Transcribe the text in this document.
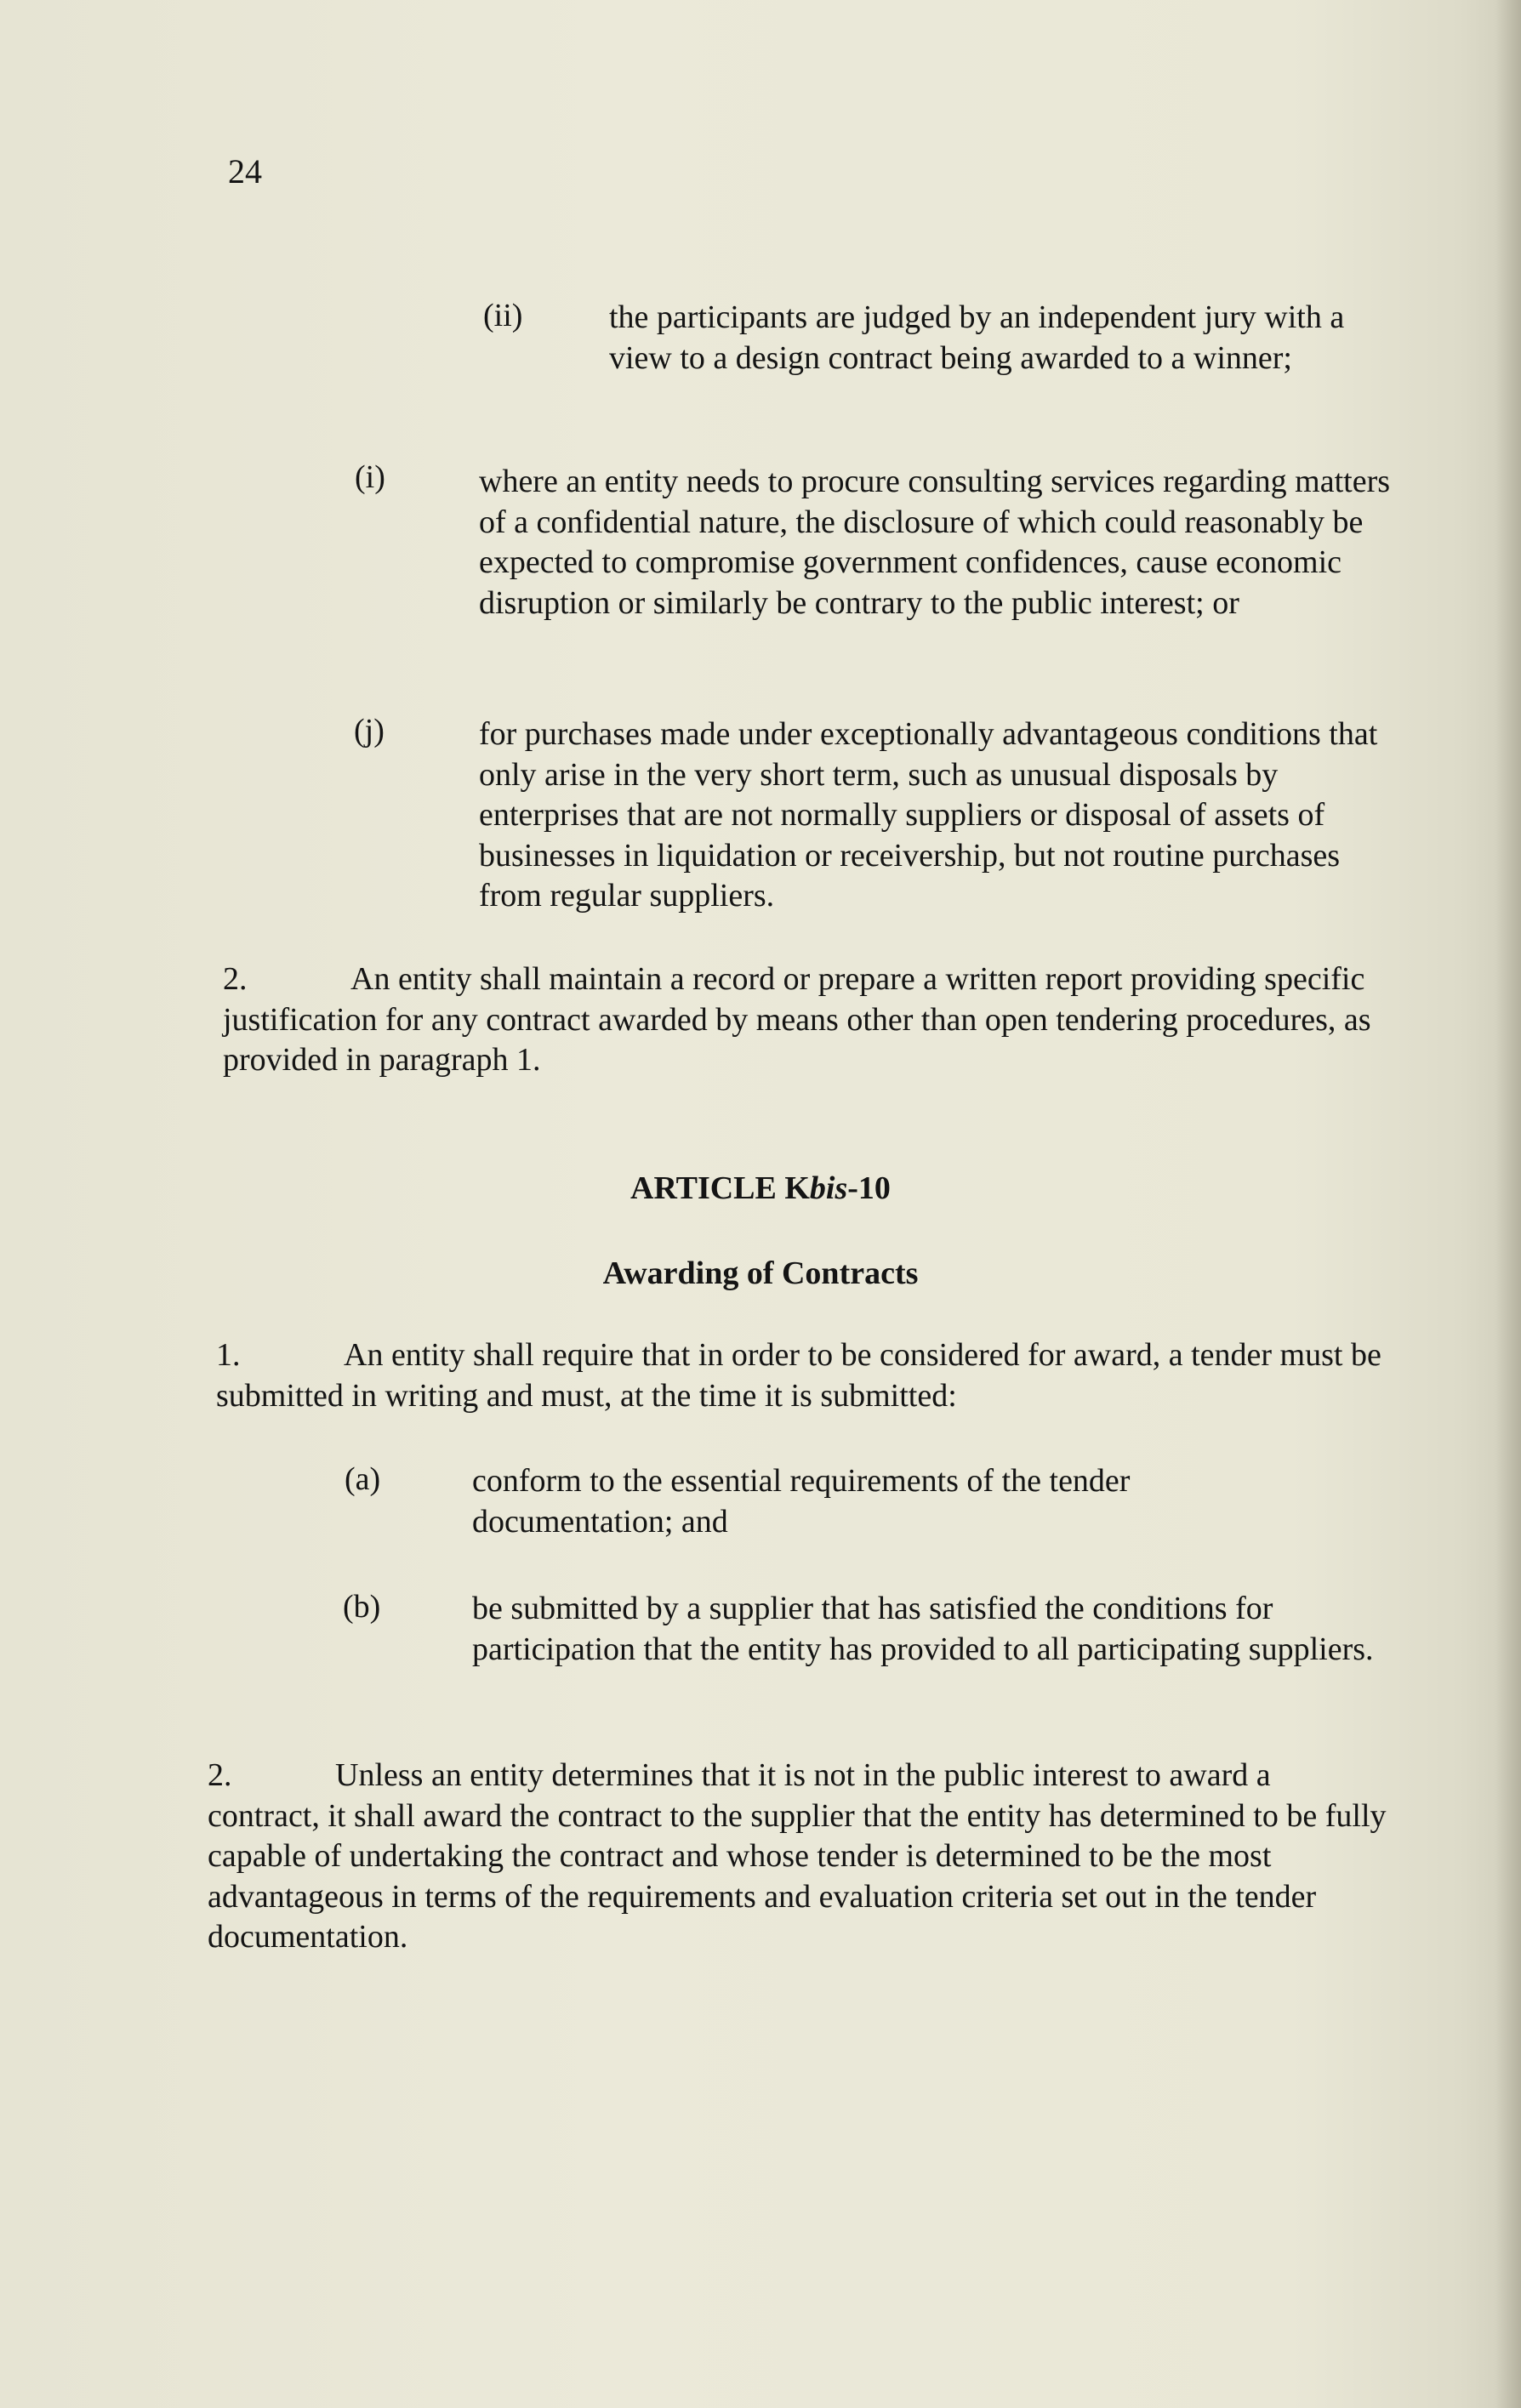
24
(ii)	the participants are judged by an independent jury with a view to a design contract being awarded to a winner;
(i)	where an entity needs to procure consulting services regarding matters of a confidential nature, the disclosure of which could reasonably be expected to compromise government confidences, cause economic disruption or similarly be contrary to the public interest; or
(j)	for purchases made under exceptionally advantageous conditions that only arise in the very short term, such as unusual disposals by enterprises that are not normally suppliers or disposal of assets of businesses in liquidation or receivership, but not routine purchases from regular suppliers.
2.	An entity shall maintain a record or prepare a written report providing specific justification for any contract awarded by means other than open tendering procedures, as provided in paragraph 1.
ARTICLE Kbis-10
Awarding of Contracts
1.	An entity shall require that in order to be considered for award, a tender must be submitted in writing and must, at the time it is submitted:
(a)	conform to the essential requirements of the tender documentation; and
(b)	be submitted by a supplier that has satisfied the conditions for participation that the entity has provided to all participating suppliers.
2.	Unless an entity determines that it is not in the public interest to award a contract, it shall award the contract to the supplier that the entity has determined to be fully capable of undertaking the contract and whose tender is determined to be the most advantageous in terms of the requirements and evaluation criteria set out in the tender documentation.
